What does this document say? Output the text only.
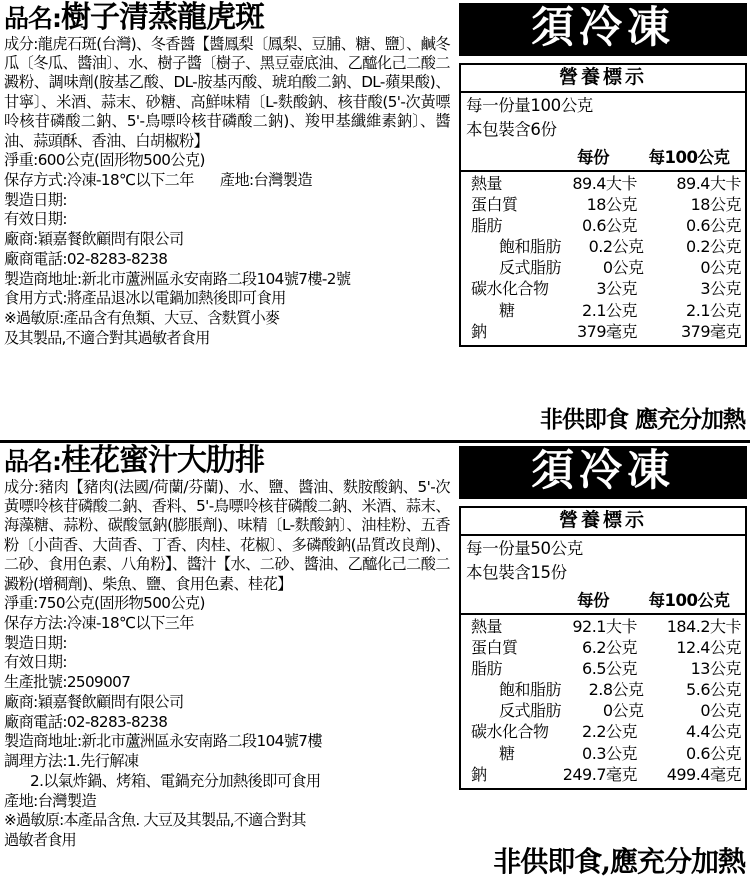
品名: 樹子清蒸龍虎斑
成分:龍虎石斑(台灣)、冬香醬【醬鳳梨〔鳳梨、豆脯、糖、鹽〕、鹹冬瓜〔冬瓜、醬油〕、水、樹子醬〔樹子、黑豆壺底油、乙醯化己二酸二澱粉、調味劑(胺基乙酸、DL-胺基丙酸、琥珀酸二鈉、DL-蘋果酸)、甘寧〕、米酒、蒜末、砂糖、高鮮味精〔L-麩酸鈉、核苷酸(5'-次黃嘌呤核苷磷酸二鈉、5'-鳥嘌呤核苷磷酸二鈉)、羧甲基纖維素鈉〕、醬油、蒜頭酥、香油、白胡椒粉】
淨重:600公克(固形物500公克)
保存方式:冷凍-18℃以下二年 產地:台灣製造
製造日期:
有效日期:
廠商:穎嘉餐飲顧問有限公司
廠商電話:02-8283-8238
製造商地址:新北市蘆洲區永安南路二段104號7樓-2號
食用方式:將產品退冰以電鍋加熱後即可食用
※過敏原:產品含有魚類、大豆、含麩質小麥
及其製品,不適合對其過敏者食用
須冷凍
營養標示
每一份量100公克
本包裝含6份
每份	每100公克
熱量	89.4大卡	89.4大卡
蛋白質	18公克	18公克
脂肪	0.6公克	0.6公克
飽和脂肪	0.2公克	0.2公克
反式脂肪	0公克	0公克
碳水化合物	3公克	3公克
糖	2.1公克	2.1公克
鈉	379毫克	379毫克
非供即食 應充分加熱
品名: 桂花蜜汁大肋排
成分:豬肉【豬肉(法國/荷蘭/芬蘭)、水、鹽、醬油、麩胺酸鈉、5'-次黃嘌呤核苷磷酸二鈉、香料、5'-鳥嘌呤核苷磷酸二鈉、米酒、蒜末、海藻糖、蒜粉、碳酸氫鈉(膨脹劑)、味精〔L-麩酸鈉〕、油桂粉、五香粉〔小茴香、大茴香、丁香、肉桂、花椒〕、多磷酸鈉(品質改良劑)、二砂、食用色素、八角粉】、醬汁【水、二砂、醬油、乙醯化己二酸二澱粉(增稠劑)、柴魚、鹽、食用色素、桂花】
淨重:750公克(固形物500公克)
保存方法:冷凍-18℃以下三年
製造日期:
有效日期:
生產批號:2509007
廠商:穎嘉餐飲顧問有限公司
廠商電話:02-8283-8238
製造商地址:新北市蘆洲區永安南路二段104號7樓
調理方法:1.先行解凍
2.以氣炸鍋、烤箱、電鍋充分加熱後即可食用
產地:台灣製造
※過敏原:本產品含魚. 大豆及其製品,不適合對其
過敏者食用
須冷凍
營養標示
每一份量50公克
本包裝含15份
每份	每100公克
熱量	92.1大卡	184.2大卡
蛋白質	6.2公克	12.4公克
脂肪	6.5公克	13公克
飽和脂肪	2.8公克	5.6公克
反式脂肪	0公克	0公克
碳水化合物	2.2公克	4.4公克
糖	0.3公克	0.6公克
鈉	249.7毫克	499.4毫克
非供即食,應充分加熱
